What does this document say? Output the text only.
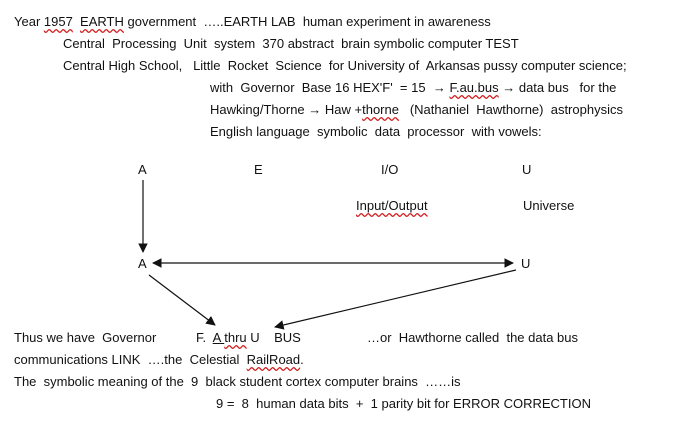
Year 1957 EARTH government  …..EARTH LAB  human experiment in awareness
Central  Processing  Unit  system  370 abstract  brain symbolic computer TEST
Central High School,   Little  Rocket  Science  for University of  Arkansas pussy computer science;
with  Governor  Base 16 HEX'F'  = 15  → F.au.bus → data bus   for the
Hawking/Thorne → Haw +thorne   (Nathaniel  Hawthorne)  astrophysics
English language  symbolic  data  processor  with vowels:
A	E	I/O	U
Input/Output	Universe
A	U
Thus we have  Governor	F. A thru U    BUS	…or  Hawthorne called  the data bus
communications LINK  ….the  Celestial  RailRoad.
The  symbolic meaning of the  9  black student cortex computer brains  ……is
9 =  8  human data bits  +  1 parity bit for ERROR CORRECTION
